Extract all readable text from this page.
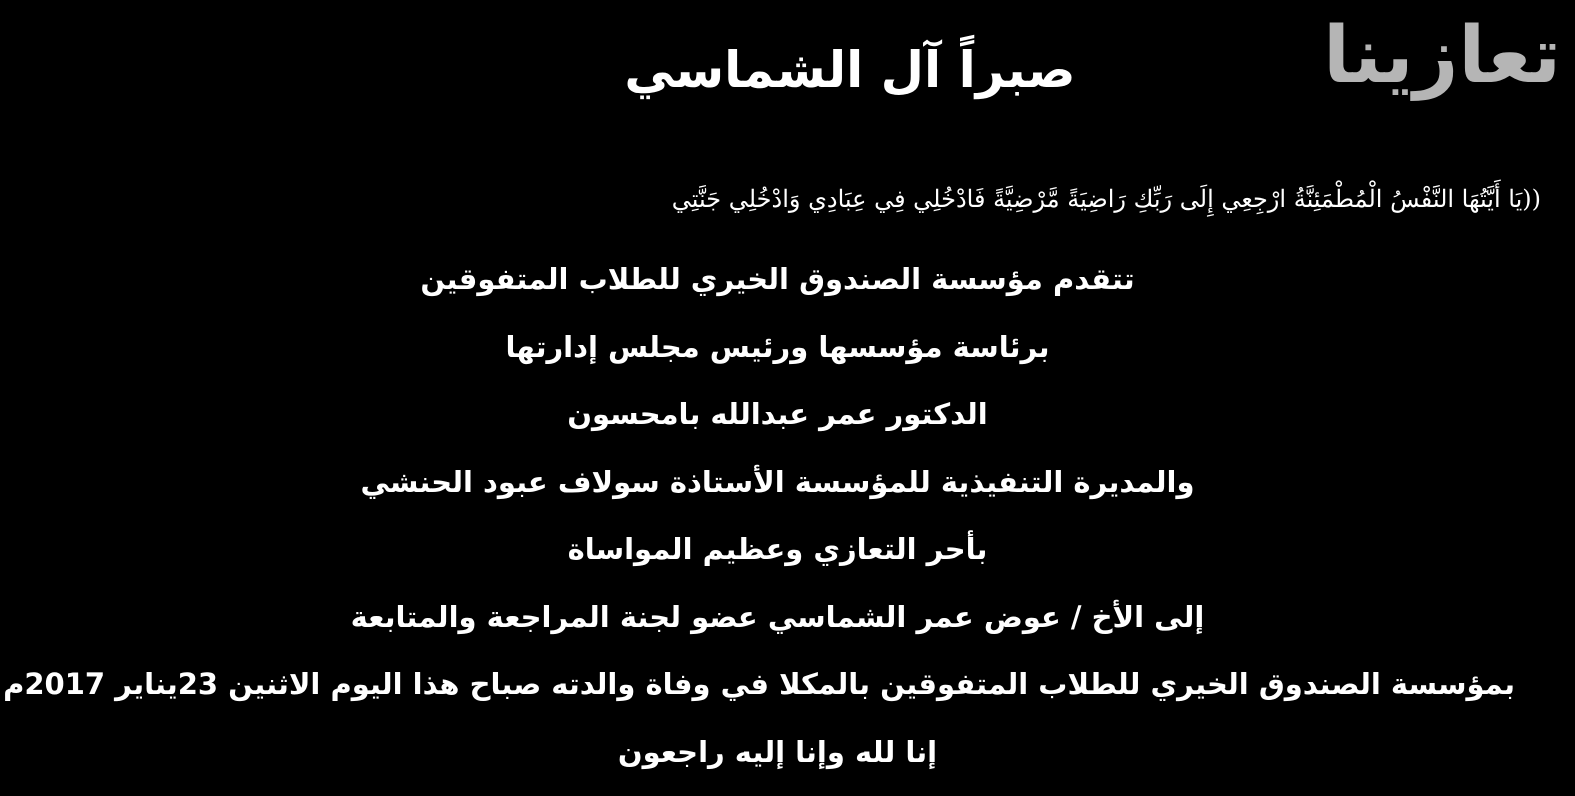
تعازينا
صبراً آل الشماسي
((يَا أَيَّتُهَا النَّفْسُ الْمُطْمَئِنَّةُ ارْجِعِي إِلَى رَبِّكِ رَاضِيَةً مَّرْضِيَّةً فَادْخُلِي فِي عِبَادِي وَادْخُلِي جَنَّتِي
تتقدم مؤسسة الصندوق الخيري للطلاب المتفوقين
برئاسة مؤسسها ورئيس مجلس إدارتها
الدكتور عمر عبدالله بامحسون
والمديرة التنفيذية للمؤسسة الأستاذة سولاف عبود الحنشي
بأحر التعازي وعظيم المواساة
إلى الأخ / عوض عمر الشماسي عضو لجنة المراجعة والمتابعة
بمؤسسة الصندوق الخيري للطلاب المتفوقين بالمكلا في وفاة والدته صباح هذا اليوم الاثنين 23يناير 2017م
إنا لله وإنا إليه راجعون
